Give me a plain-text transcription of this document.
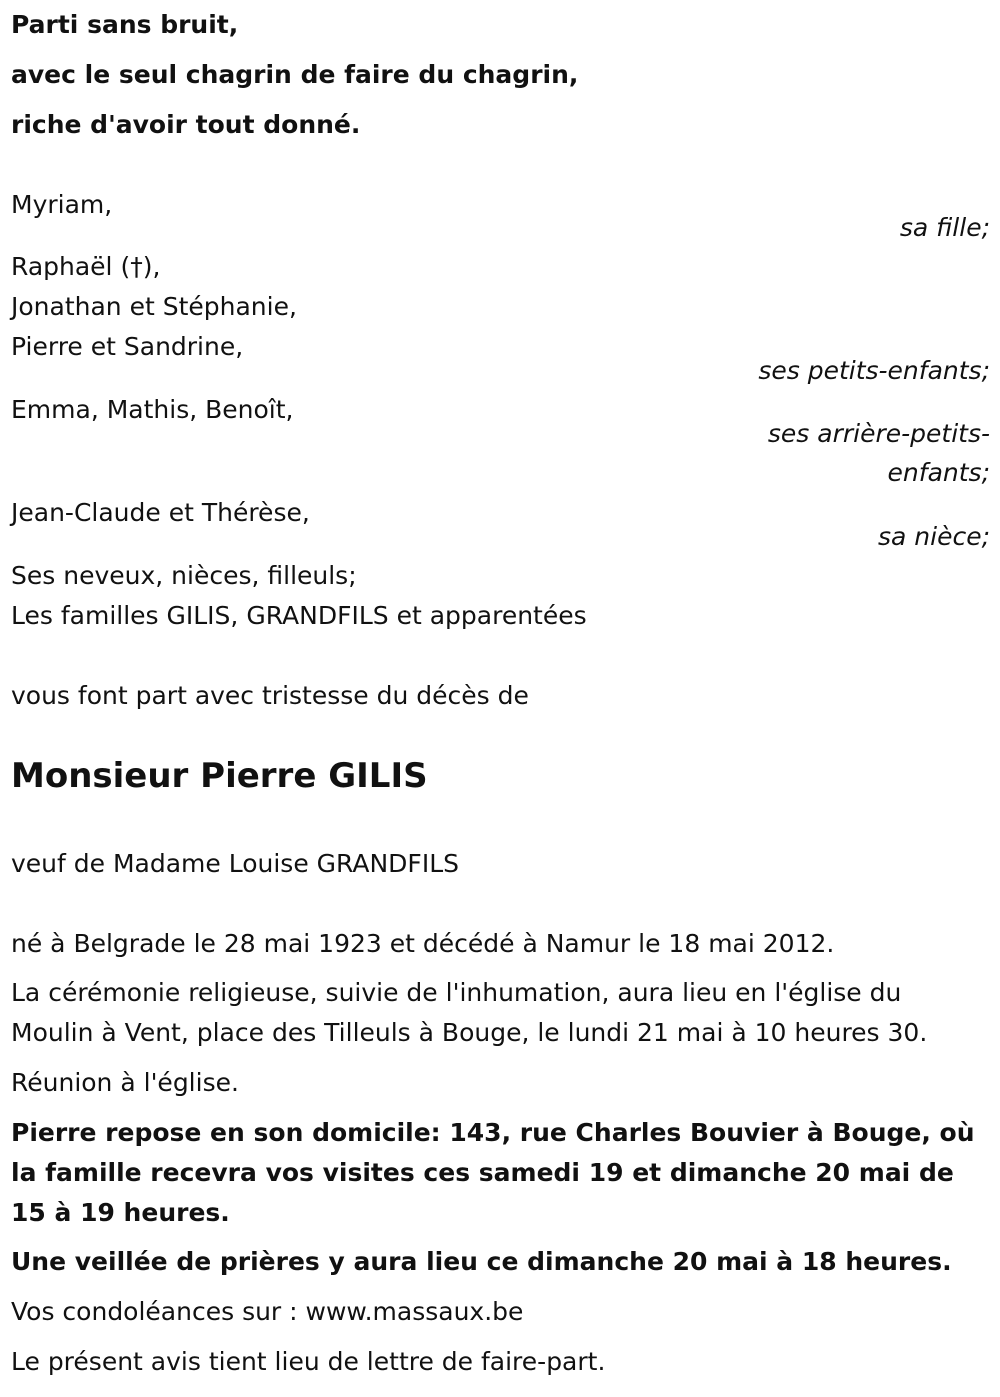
Parti sans bruit,
avec le seul chagrin de faire du chagrin,
riche d'avoir tout donné.
Myriam,
sa fille;
Raphaël (†),
Jonathan et Stéphanie,
Pierre et Sandrine,
ses petits-enfants;
Emma, Mathis, Benoît,
ses arrière-petits-
enfants;
Jean-Claude et Thérèse,
sa nièce;
Ses neveux, nièces, filleuls;
Les familles GILIS, GRANDFILS et apparentées
vous font part avec tristesse du décès de
Monsieur Pierre GILIS
veuf de Madame Louise GRANDFILS
né à Belgrade le 28 mai 1923 et décédé à Namur le 18 mai 2012.
La cérémonie religieuse, suivie de l'inhumation, aura lieu en l'église du Moulin à Vent, place des Tilleuls à Bouge, le lundi 21 mai à 10 heures 30.
Réunion à l'église.
Pierre repose en son domicile: 143, rue Charles Bouvier à Bouge, où la famille recevra vos visites ces samedi 19 et dimanche 20 mai de 15 à 19 heures.
Une veillée de prières y aura lieu ce dimanche 20 mai à 18 heures.
Vos condoléances sur : www.massaux.be
Le présent avis tient lieu de lettre de faire-part.
